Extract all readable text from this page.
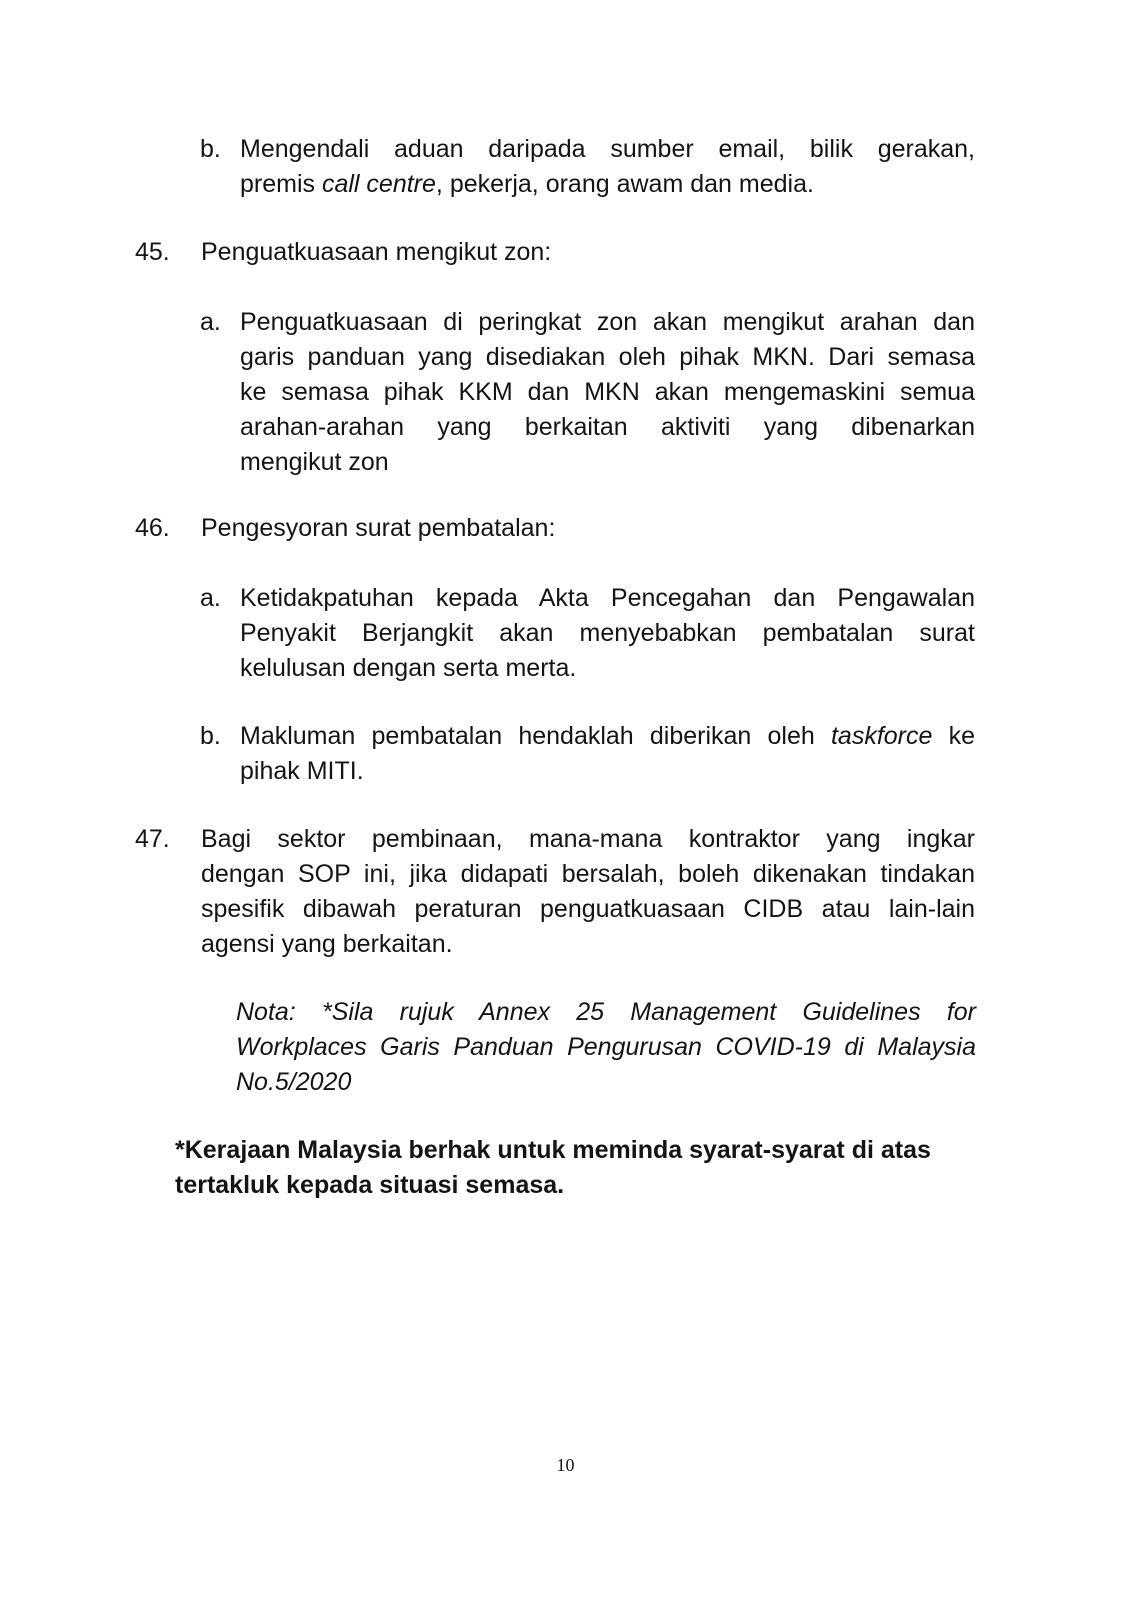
b. Mengendali aduan daripada sumber email, bilik gerakan,
premis call centre, pekerja, orang awam dan media.
45. Penguatkuasaan mengikut zon:
a. Penguatkuasaan di peringkat zon akan mengikut arahan dan
garis panduan yang disediakan oleh pihak MKN. Dari semasa
ke semasa pihak KKM dan MKN akan mengemaskini semua
arahan-arahan yang berkaitan aktiviti yang dibenarkan
mengikut zon
46. Pengesyoran surat pembatalan:
a. Ketidakpatuhan kepada Akta Pencegahan dan Pengawalan
Penyakit Berjangkit akan menyebabkan pembatalan surat
kelulusan dengan serta merta.
b. Makluman pembatalan hendaklah diberikan oleh taskforce ke
pihak MITI.
47. Bagi sektor pembinaan, mana-mana kontraktor yang ingkar
dengan SOP ini, jika didapati bersalah, boleh dikenakan tindakan
spesifik dibawah peraturan penguatkuasaan CIDB atau lain-lain
agensi yang berkaitan.
Nota: *Sila rujuk Annex 25 Management Guidelines for
Workplaces Garis Panduan Pengurusan COVID-19 di Malaysia
No.5/2020
*Kerajaan Malaysia berhak untuk meminda syarat-syarat di atas
tertakluk kepada situasi semasa.
10
